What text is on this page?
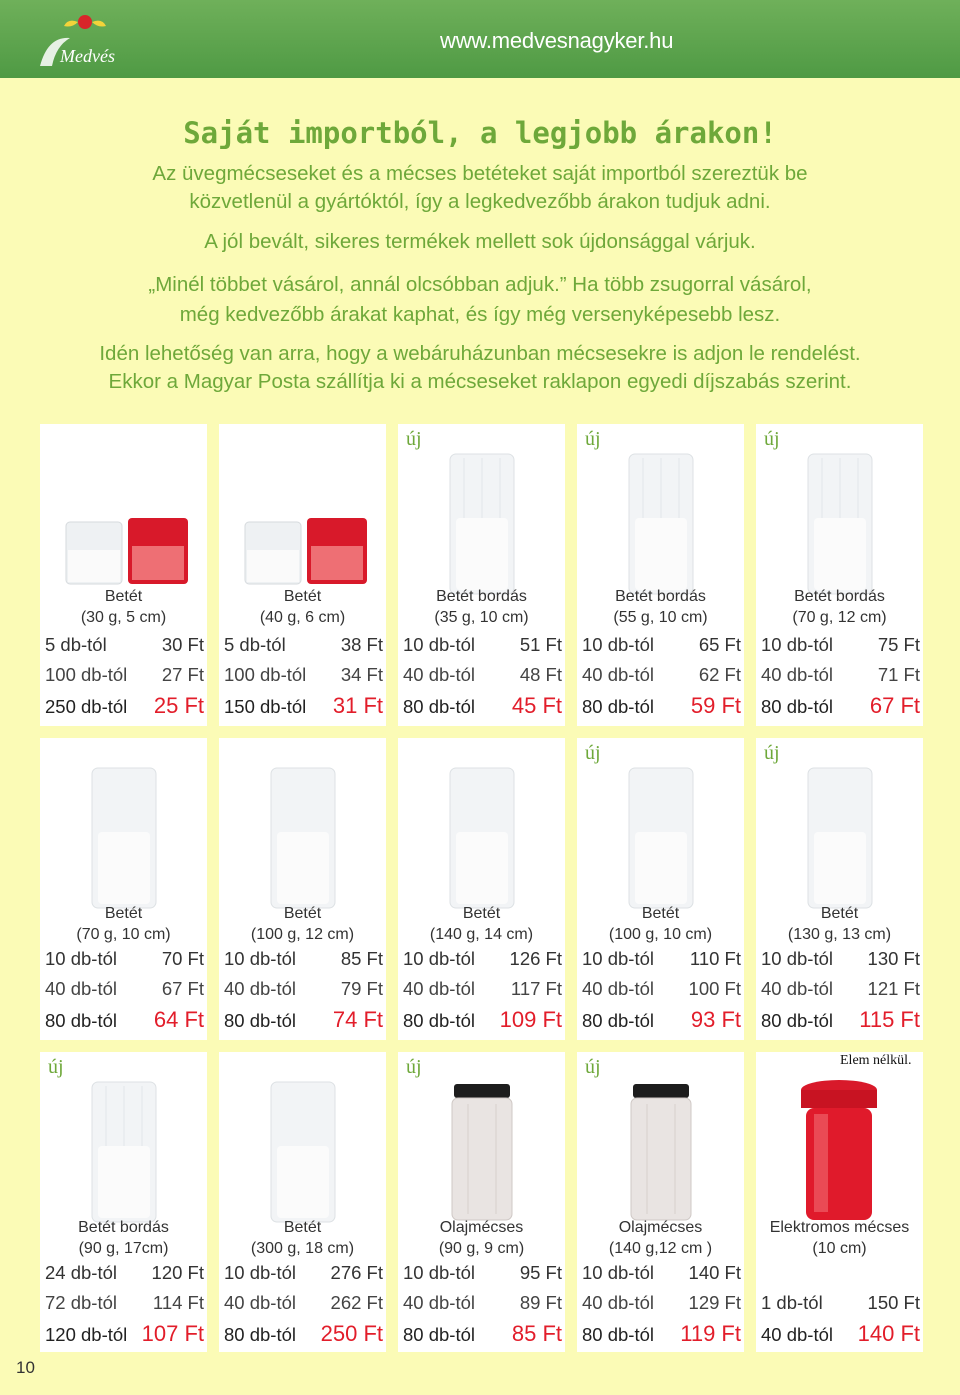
Medvés
www.medvesnagyker.hu
Saját importból, a legjobb árakon!
Az üvegmécseseket és a mécses betéteket saját importból szereztük be
közvetlenül a gyártóktól, így a legkedvezőbb árakon tudjuk adni.
A jól bevált, sikeres termékek mellett sok újdonsággal várjuk.
„Minél többet vásárol, annál olcsóbban adjuk.” Ha több zsugorral vásárol,
még kedvezőbb árakat kaphat, és így még versenyképesebb lesz.
Idén lehetőség van arra, hogy a webáruházunban mécsesekre is adjon le rendelést.
Ekkor a Magyar Posta szállítja ki a mécseseket raklapon egyedi díjszabás szerint.
Betét
(30 g, 5 cm)
5 db-tól	30 Ft
100 db-tól 27 Ft
250 db-tól 25 Ft
Betét
(40 g, 6 cm)
5 db-tól	38 Ft
100 db-tól 34 Ft
150 db-tól 31 Ft
új
Betét bordás
(35 g, 10 cm)
10 db-tól 51 Ft
40 db-tól 48 Ft
80 db-tól 45 Ft
új
Betét bordás
(55 g, 10 cm)
10 db-tól 65 Ft
40 db-tól 62 Ft
80 db-tól 59 Ft
új
Betét bordás
(70 g, 12 cm)
10 db-tól 75 Ft
40 db-tól 71 Ft
80 db-tól 67 Ft
Betét
(70 g, 10 cm)
10 db-tól 70 Ft
40 db-tól 67 Ft
80 db-tól 64 Ft
Betét
(100 g, 12 cm)
10 db-tól 85 Ft
40 db-tól 79 Ft
80 db-tól 74 Ft
Betét
(140 g, 14 cm)
10 db-tól 126 Ft
40 db-tól 117 Ft
80 db-tól 109 Ft
új
Betét
(100 g, 10 cm)
10 db-tól 110 Ft
40 db-tól 100 Ft
80 db-tól 93 Ft
új
Betét
(130 g, 13 cm)
10 db-tól 130 Ft
40 db-tól 121 Ft
80 db-tól 115 Ft
új
Betét bordás
(90 g, 17cm)
24 db-tól 120 Ft
72 db-tól 114 Ft
120 db-tól 107 Ft
Betét
(300 g, 18 cm)
10 db-tól 276 Ft
40 db-tól 262 Ft
80 db-tól 250 Ft
új
Olajmécses
(90 g, 9 cm)
10 db-tól 95 Ft
40 db-tól 89 Ft
80 db-tól 85 Ft
új
Olajmécses
(140 g,12 cm )
10 db-tól 140 Ft
40 db-tól 129 Ft
80 db-tól 119 Ft
Elektromos mécses
(10 cm)
1 db-tól 150 Ft
40 db-tól 140 Ft
Elem nélkül.
10
